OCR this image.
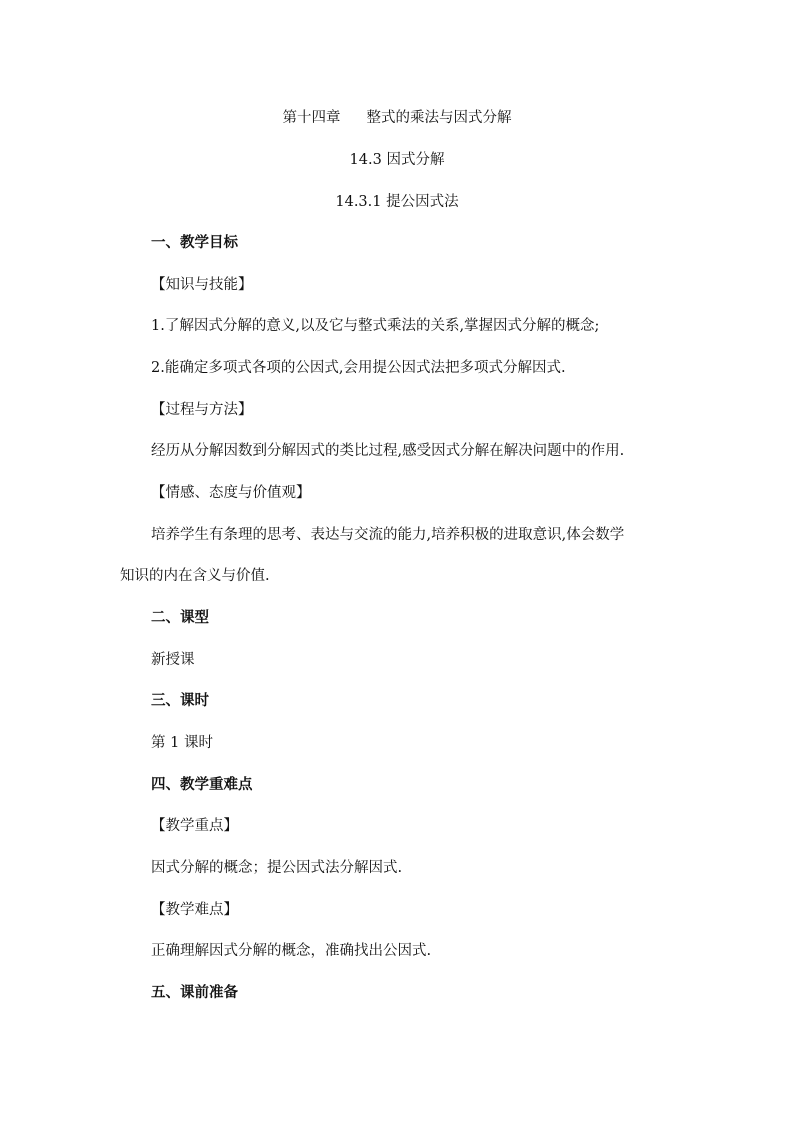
第十四章 整式的乘法与因式分解
14.3 因式分解
14.3.1 提公因式法
一、教学目标
【知识与技能】
1.了解因式分解的意义,以及它与整式乘法的关系,掌握因式分解的概念;
2.能确定多项式各项的公因式,会用提公因式法把多项式分解因式.
【过程与方法】
经历从分解因数到分解因式的类比过程,感受因式分解在解决问题中的作用.
【情感、态度与价值观】
培养学生有条理的思考、表达与交流的能力,培养积极的进取意识,体会数学
知识的内在含义与价值.
二、课型
新授课
三、课时
第 1 课时
四、教学重难点
【教学重点】
因式分解的概念；提公因式法分解因式.
【教学难点】
正确理解因式分解的概念，准确找出公因式.
五、课前准备
